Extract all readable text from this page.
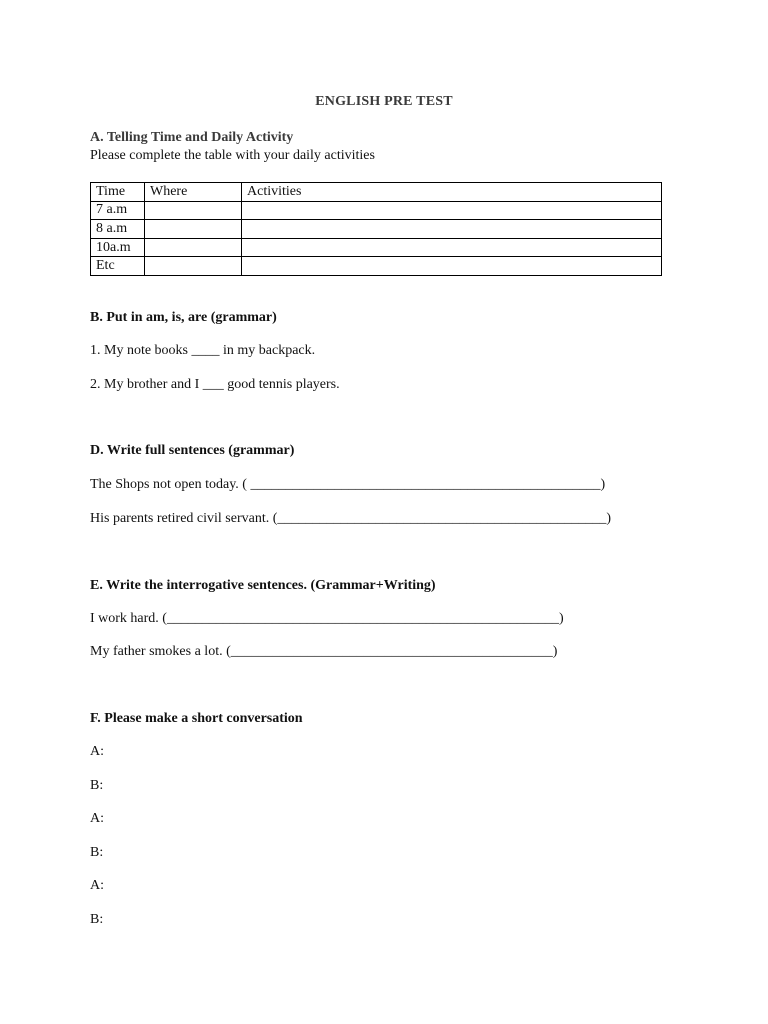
ENGLISH PRE TEST
A. Telling Time and Daily Activity
Please complete the table with your daily activities
Time	Where	Activities
7 a.m		
8 a.m		
10a.m		
Etc		
B. Put in am, is, are (grammar)
1. My note books ____ in my backpack.
2. My brother and I ___ good tennis players.
D. Write full sentences (grammar)
The Shops not open today. ( __________________________________________________)
His parents retired civil servant. (_______________________________________________)
E. Write the interrogative sentences. (Grammar+Writing)
I work hard. (________________________________________________________)
My father smokes a lot. (______________________________________________)
F. Please make a short conversation
A:
B:
A:
B:
A:
B:
